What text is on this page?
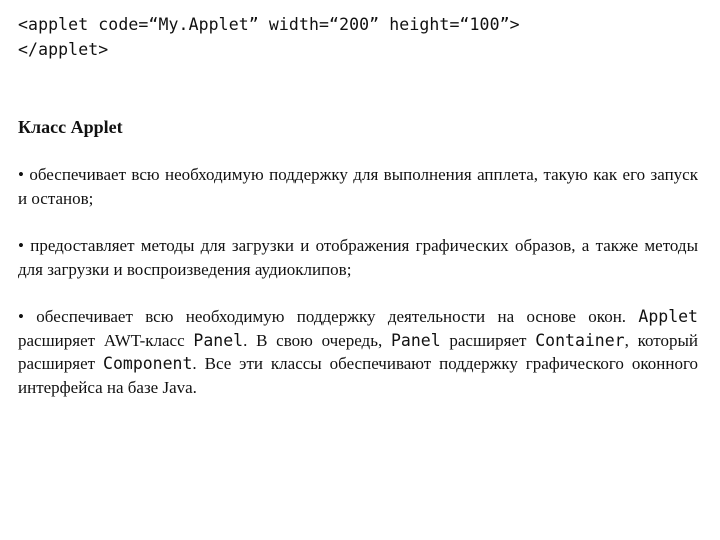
<applet code=“My.Applet” width=“200” height=“100”>
</applet>
Класс Applet

• обеспечивает всю необходимую поддержку для выполнения апплета, такую как его запуск и останов;

• предоставляет методы для загрузки и отображения графических образов, а также методы для загрузки и воспроизведения аудиоклипов;

• обеспечивает всю необходимую поддержку деятельности на основе окон. Applet расширяет AWT-класс Panel. В свою очередь, Panel расширяет Container, который расширяет Component. Все эти классы обеспечивают поддержку графического оконного интерфейса на базе Java.
